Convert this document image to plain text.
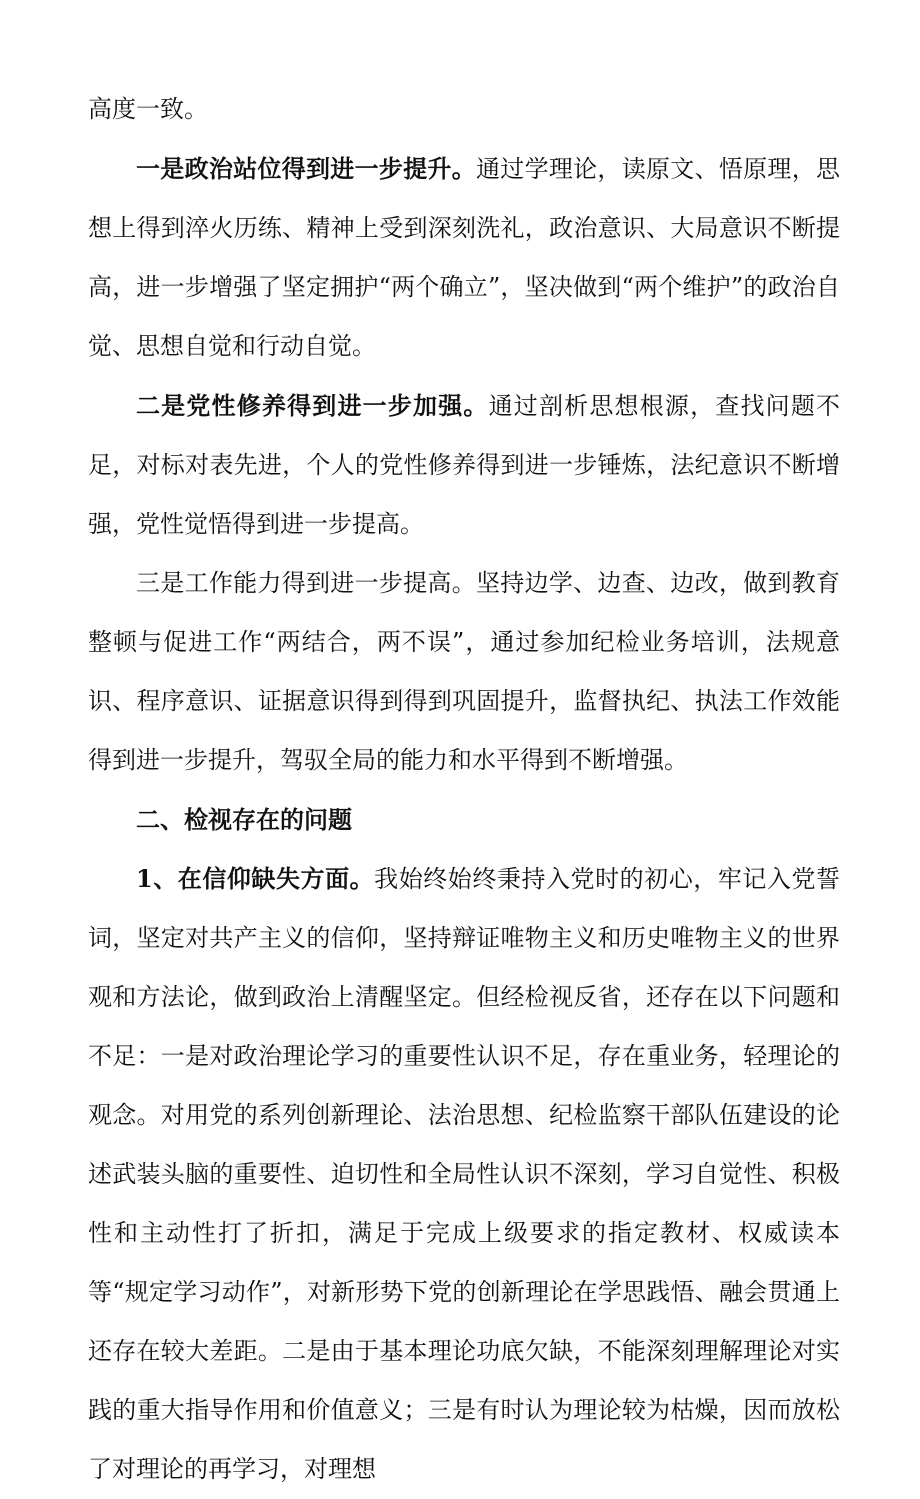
高度一致。

一是政治站位得到进一步提升。通过学理论，读原文、悟原理，思想上得到淬火历练、精神上受到深刻洗礼，政治意识、大局意识不断提高，进一步增强了坚定拥护“两个确立”，坚决做到“两个维护”的政治自觉、思想自觉和行动自觉。

二是党性修养得到进一步加强。通过剖析思想根源，查找问题不足，对标对表先进，个人的党性修养得到进一步锤炼，法纪意识不断增强，党性觉悟得到进一步提高。

三是工作能力得到进一步提高。坚持边学、边查、边改，做到教育整顿与促进工作“两结合，两不误”，通过参加纪检业务培训，法规意识、程序意识、证据意识得到得到巩固提升，监督执纪、执法工作效能得到进一步提升，驾驭全局的能力和水平得到不断增强。

二、检视存在的问题

1、在信仰缺失方面。我始终始终秉持入党时的初心，牢记入党誓词，坚定对共产主义的信仰，坚持辩证唯物主义和历史唯物主义的世界观和方法论，做到政治上清醒坚定。但经检视反省，还存在以下问题和不足：一是对政治理论学习的重要性认识不足，存在重业务，轻理论的观念。对用党的系列创新理论、法治思想、纪检监察干部队伍建设的论述武装头脑的重要性、迫切性和全局性认识不深刻，学习自觉性、积极性和主动性打了折扣，满足于完成上级要求的指定教材、权威读本等“规定学习动作”，对新形势下党的创新理论在学思践悟、融会贯通上还存在较大差距。二是由于基本理论功底欠缺，不能深刻理解理论对实践的重大指导作用和价值意义；三是有时认为理论较为枯燥，因而放松了对理论的再学习，对理想
